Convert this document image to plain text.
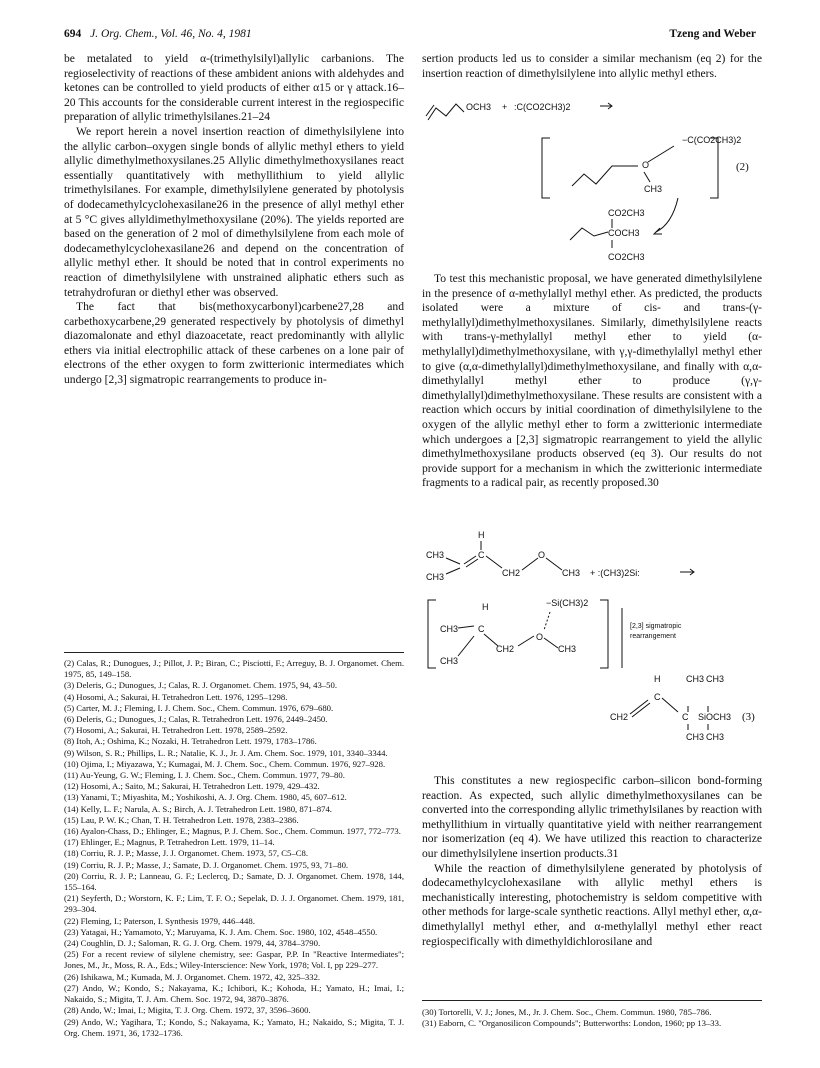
694 J. Org. Chem., Vol. 46, No. 4, 1981	Tzeng and Weber

be metalated to yield α-(trimethylsilyl)allylic carbanions. The regioselectivity of reactions of these ambident anions with aldehydes and ketones can be controlled to yield products of either α15 or γ attack.16–20 This accounts for the considerable current interest in the regiospecific preparation of allylic trimethylsilanes.21–24

We report herein a novel insertion reaction of dimethylsilylene into the allylic carbon–oxygen single bonds of allylic methyl ethers to yield allylic dimethylmethoxysilanes.25 Allylic dimethylmethoxysilanes react essentially quantitatively with methyllithium to yield allylic trimethylsilanes. For example, dimethylsilylene generated by photolysis of dodecamethylcyclohexasilane26 in the presence of allyl methyl ether at 5 °C gives allyldimethylmethoxysilane (20%). The yields reported are based on the generation of 2 mol of dimethylsilylene from each mole of dodecamethylcyclohexasilane26 and depend on the concentration of allylic methyl ether. It should be noted that in control experiments no reaction of dimethylsilylene with unstrained aliphatic ethers such as tetrahydrofuran or diethyl ether was observed.

The fact that bis(methoxycarbonyl)carbene27,28 and carbethoxycarbene,29 generated respectively by photolysis of dimethyl diazomalonate and ethyl diazoacetate, react predominantly with allylic ethers via initial electrophilic attack of these carbenes on a lone pair of electrons of the ether oxygen to form zwitterionic intermediates which undergo [2,3] sigmatropic rearrangements to produce in-

(2) Calas, R.; Dunogues, J.; Pillot, J. P.; Biran, C.; Pisciotti, F.; Arreguy, B. J. Organomet. Chem. 1975, 85, 149–158.
(3) Deleris, G.; Dunogues, J.; Calas, R. J. Organomet. Chem. 1975, 94, 43–50.
(4) Hosomi, A.; Sakurai, H. Tetrahedron Lett. 1976, 1295–1298.
(5) Carter, M. J.; Fleming, I. J. Chem. Soc., Chem. Commun. 1976, 679–680.
(6) Deleris, G.; Dunogues, J.; Calas, R. Tetrahedron Lett. 1976, 2449–2450.
(7) Hosomi, A.; Sakurai, H. Tetrahedron Lett. 1978, 2589–2592.
(8) Itoh, A.; Oshima, K.; Nozaki, H. Tetrahedron Lett. 1979, 1783–1786.
(9) Wilson, S. R.; Phillips, L. R.; Natalie, K. J., Jr. J. Am. Chem. Soc. 1979, 101, 3340–3344.
(10) Ojima, I.; Miyazawa, Y.; Kumagai, M. J. Chem. Soc., Chem. Commun. 1976, 927–928.
(11) Au-Yeung, G. W.; Fleming, I. J. Chem. Soc., Chem. Commun. 1977, 79–80.
(12) Hosomi, A.; Saito, M.; Sakurai, H. Tetrahedron Lett. 1979, 429–432.
(13) Yanami, T.; Miyashita, M.; Yoshikoshi, A. J. Org. Chem. 1980, 45, 607–612.
(14) Kelly, L. F.; Narula, A. S.; Birch, A. J. Tetrahedron Lett. 1980, 871–874.
(15) Lau, P. W. K.; Chan, T. H. Tetrahedron Lett. 1978, 2383–2386.
(16) Ayalon-Chass, D.; Ehlinger, E.; Magnus, P. J. Chem. Soc., Chem. Commun. 1977, 772–773.
(17) Ehlinger, E.; Magnus, P. Tetrahedron Lett. 1979, 11–14.
(18) Corriu, R. J. P.; Masse, J. J. Organomet. Chem. 1973, 57, C5–C8.
(19) Corriu, R. J. P.; Masse, J.; Samate, D. J. Organomet. Chem. 1975, 93, 71–80.
(20) Corriu, R. J. P.; Lanneau, G. F.; Leclercq, D.; Samate, D. J. Organomet. Chem. 1978, 144, 155–164.
(21) Seyferth, D.; Worstorn, K. F.; Lim, T. F. O.; Sepelak, D. J. J. Organomet. Chem. 1979, 181, 293–304.
(22) Fleming, I.; Paterson, I. Synthesis 1979, 446–448.
(23) Yatagai, H.; Yamamoto, Y.; Maruyama, K. J. Am. Chem. Soc. 1980, 102, 4548–4550.
(24) Coughlin, D. J.; Saloman, R. G. J. Org. Chem. 1979, 44, 3784–3790.
(25) For a recent review of silylene chemistry, see: Gaspar, P.P. In "Reactive Intermediates"; Jones, M., Jr., Moss, R. A., Eds.; Wiley-Interscience: New York, 1978; Vol. I, pp 229–277.
(26) Ishikawa, M.; Kumada, M. J. Organomet. Chem. 1972, 42, 325–332.
(27) Ando, W.; Kondo, S.; Nakayama, K.; Ichibori, K.; Kohoda, H.; Yamato, H.; Imai, I.; Nakaido, S.; Migita, T. J. Am. Chem. Soc. 1972, 94, 3870–3876.
(28) Ando, W.; Imai, I.; Migita, T. J. Org. Chem. 1972, 37, 3596–3600.
(29) Ando, W.; Yagihara, T.; Kondo, S.; Nakayama, K.; Yamato, H.; Nakaido, S.; Migita, T. J. Org. Chem. 1971, 36, 1732–1736.

sertion products led us to consider a similar mechanism (eq 2) for the insertion reaction of dimethylsilylene into allylic methyl ethers.

OCH3 + :C(CO2CH3)2
−C(CO2CH3)2
O
CH3
(2)
CO2CH3
COCH3
CO2CH3

To test this mechanistic proposal, we have generated dimethylsilylene in the presence of α-methylallyl methyl ether. As predicted, the products isolated were a mixture of cis- and trans-(γ-methylallyl)dimethylmethoxysilanes. Similarly, dimethylsilylene reacts with trans-γ-methylallyl methyl ether to yield (α-methylallyl)dimethylmethoxysilane, with γ,γ-dimethylallyl methyl ether to give (α,α-dimethylallyl)dimethylmethoxysilane, and finally with α,α-dimethylallyl methyl ether to produce (γ,γ-dimethylallyl)dimethylmethoxysilane. These results are consistent with a reaction which occurs by initial coordination of dimethylsilylene to the oxygen of the allylic methyl ether to form a zwitterionic intermediate which undergoes a [2,3] sigmatropic rearrangement to yield the allylic dimethylmethoxysilane products observed (eq 3). Our results do not provide support for a mechanism in which the zwitterionic intermediate fragments to a radical pair, as recently proposed.30

H
CH3
CH3
C
CH2
O
CH3 + :(CH3)2Si:
H	−Si(CH3)2
CH3
CH3
C
CH2
O
CH3
[2,3] sigmatropic
rearrangement
H	CH3 CH3
C
CH2	C SiOCH3
CH3 CH3
(3)

This constitutes a new regiospecific carbon–silicon bond-forming reaction. As expected, such allylic dimethylmethoxysilanes can be converted into the corresponding allylic trimethylsilanes by reaction with methyllithium in virtually quantitative yield with neither rearrangement nor isomerization (eq 4). We have utilized this reaction to characterize our dimethylsilylene insertion products.31

While the reaction of dimethylsilylene generated by photolysis of dodecamethylcyclohexasilane with allylic methyl ethers is mechanistically interesting, photochemistry is seldom competitive with other methods for large-scale synthetic reactions. Allyl methyl ether, α,α-dimethylallyl methyl ether, and α-methylallyl methyl ether react regiospecifically with dimethyldichlorosilane and

(30) Tortorelli, V. J.; Jones, M., Jr. J. Chem. Soc., Chem. Commun. 1980, 785–786.
(31) Eaborn, C. "Organosilicon Compounds"; Butterworths: London, 1960; pp 13–33.
